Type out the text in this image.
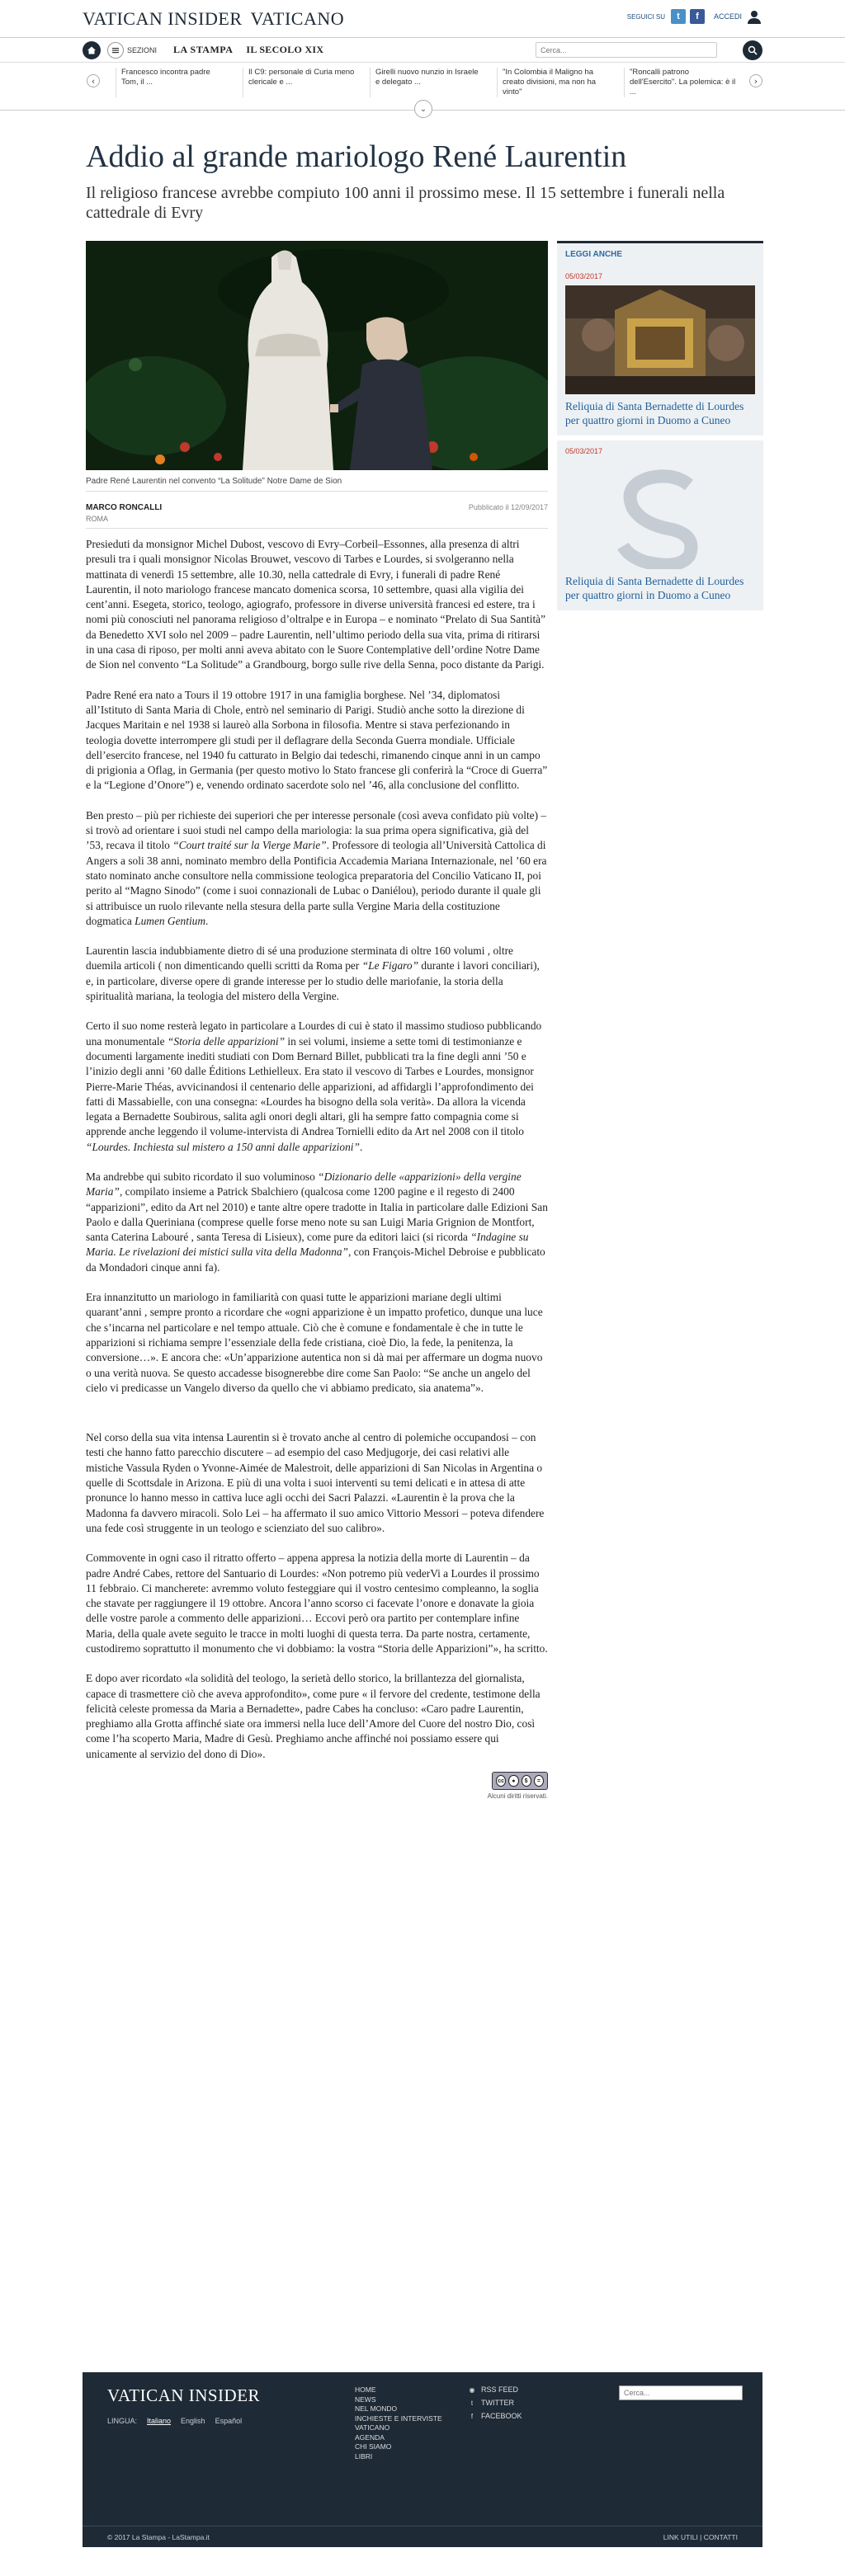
VATICAN INSIDER VATICANO	SEGUICI SU	t	f	ACCEDI
SEZIONI LA STAMPA IL SECOLO XIX
Cerca...
‹
Francesco incontra padre Tom, il ...
Il C9: personale di Curia meno clericale e ...
Girelli nuovo nunzio in Israele e delegato ...
"In Colombia il Maligno ha creato divisioni, ma non ha vinto"
"Roncalli patrono dell'Esercito". La polemica: è il ...
›
⌄
Addio al grande mariologo René Laurentin

Il religioso francese avrebbe compiuto 100 anni il prossimo mese. Il 15 settembre i funerali nella cattedrale di Evry

Padre René Laurentin nel convento “La Solitude” Notre Dame de Sion
MARCO RONCALLI
ROMA
Pubblicato il 12/09/2017

Presieduti da monsignor Michel Dubost, vescovo di Evry–Corbeil–Essonnes, alla presenza di altri presuli tra i quali monsignor Nicolas Brouwet, vescovo di Tarbes e Lourdes, si svolgeranno nella mattinata di venerdì 15 settembre, alle 10.30, nella cattedrale di Evry, i funerali di padre René Laurentin, il noto mariologo francese mancato domenica scorsa, 10 settembre, quasi alla vigilia dei cent’anni. Esegeta, storico, teologo, agiografo, professore in diverse università francesi ed estere, tra i nomi più conosciuti nel panorama religioso d’oltralpe e in Europa – e nominato “Prelato di Sua Santità” da Benedetto XVI solo nel 2009 – padre Laurentin, nell’ultimo periodo della sua vita, prima di ritirarsi in una casa di riposo, per molti anni aveva abitato con le Suore Contemplative dell’ordine Notre Dame de Sion nel convento “La Solitude” a Grandbourg, borgo sulle rive della Senna, poco distante da Parigi.

Padre René era nato a Tours il 19 ottobre 1917 in una famiglia borghese. Nel ’34, diplomatosi all’Istituto di Santa Maria di Chole, entrò nel seminario di Parigi. Studiò anche sotto la direzione di Jacques Maritain e nel 1938 si laureò alla Sorbona in filosofia. Mentre si stava perfezionando in teologia dovette interrompere gli studi per il deflagrare della Seconda Guerra mondiale. Ufficiale dell’esercito francese, nel 1940 fu catturato in Belgio dai tedeschi, rimanendo cinque anni in un campo di prigionia a Oflag, in Germania (per questo motivo lo Stato francese gli conferirà la “Croce di Guerra” e la “Legione d’Onore”) e, venendo ordinato sacerdote solo nel ’46, alla conclusione del conflitto.

Ben presto – più per richieste dei superiori che per interesse personale (così aveva confidato più volte) – si trovò ad orientare i suoi studi nel campo della mariologia: la sua prima opera significativa, già del ’53, recava il titolo “Court traité sur la Vierge Marie”. Professore di teologia all’Università Cattolica di Angers a soli 38 anni, nominato membro della Pontificia Accademia Mariana Internazionale, nel ’60 era stato nominato anche consultore nella commissione teologica preparatoria del Concilio Vaticano II, poi perito al “Magno Sinodo” (come i suoi connazionali de Lubac o Daniélou), periodo durante il quale gli si attribuisce un ruolo rilevante nella stesura della parte sulla Vergine Maria della costituzione dogmatica Lumen Gentium.

Laurentin lascia indubbiamente dietro di sé una produzione sterminata di oltre 160 volumi , oltre duemila articoli ( non dimenticando quelli scritti da Roma per “Le Figaro” durante i lavori conciliari), e, in particolare, diverse opere di grande interesse per lo studio delle mariofanie, la storia della spiritualità mariana, la teologia del mistero della Vergine.

Certo il suo nome resterà legato in particolare a Lourdes di cui è stato il massimo studioso pubblicando una monumentale “Storia delle apparizioni” in sei volumi, insieme a sette tomi di testimonianze e documenti largamente inediti studiati con Dom Bernard Billet, pubblicati tra la fine degli anni ’50 e l’inizio degli anni ’60 dalle Éditions Lethielleux. Era stato il vescovo di Tarbes e Lourdes, monsignor Pierre-Marie Théas, avvicinandosi il centenario delle apparizioni, ad affidargli l’approfondimento dei fatti di Massabielle, con una consegna: «Lourdes ha bisogno della sola verità». Da allora la vicenda legata a Bernadette Soubirous, salita agli onori degli altari, gli ha sempre fatto compagnia come si apprende anche leggendo il volume-intervista di Andrea Tornielli edito da Art nel 2008 con il titolo “Lourdes. Inchiesta sul mistero a 150 anni dalle apparizioni”.

Ma andrebbe qui subito ricordato il suo voluminoso “Dizionario delle «apparizioni» della vergine Maria”, compilato insieme a Patrick Sbalchiero (qualcosa come 1200 pagine e il regesto di 2400 “apparizioni”, edito da Art nel 2010) e tante altre opere tradotte in Italia in particolare dalle Edizioni San Paolo e dalla Queriniana (comprese quelle forse meno note su san Luigi Maria Grignion de Montfort, santa Caterina Labouré , santa Teresa di Lisieux), come pure da editori laici (si ricorda “Indagine su Maria. Le rivelazioni dei mistici sulla vita della Madonna”, con François-Michel Debroise e pubblicato da Mondadori cinque anni fa).

Era innanzitutto un mariologo in familiarità con quasi tutte le apparizioni mariane degli ultimi quarant’anni , sempre pronto a ricordare che «ogni apparizione è un impatto profetico, dunque una luce che s’incarna nel particolare e nel tempo attuale. Ciò che è comune e fondamentale è che in tutte le apparizioni si richiama sempre l’essenziale della fede cristiana, cioè Dio, la fede, la penitenza, la conversione…». E ancora che: «Un’apparizione autentica non si dà mai per affermare un dogma nuovo o una verità nuova. Se questo accadesse bisognerebbe dire come San Paolo: “Se anche un angelo del cielo vi predicasse un Vangelo diverso da quello che vi abbiamo predicato, sia anatema”».

Nel corso della sua vita intensa Laurentin si è trovato anche al centro di polemiche occupandosi – con testi che hanno fatto parecchio discutere – ad esempio del caso Medjugorje, dei casi relativi alle mistiche Vassula Ryden o Yvonne-Aimée de Malestroit, delle apparizioni di San Nicolas in Argentina o quelle di Scottsdale in Arizona. E più di una volta i suoi interventi su temi delicati e in attesa di atte pronunce lo hanno messo in cattiva luce agli occhi dei Sacri Palazzi. «Laurentin è la prova che la Madonna fa davvero miracoli. Solo Lei – ha affermato il suo amico Vittorio Messori – poteva difendere una fede così struggente in un teologo e scienziato del suo calibro».

Commovente in ogni caso il ritratto offerto – appena appresa la notizia della morte di Laurentin – da padre André Cabes, rettore del Santuario di Lourdes: «Non potremo più vederVi a Lourdes il prossimo 11 febbraio. Ci mancherete: avremmo voluto festeggiare qui il vostro centesimo compleanno, la soglia che stavate per raggiungere il 19 ottobre. Ancora l’anno scorso ci facevate l’onore e donavate la gioia delle vostre parole a commento delle apparizioni… Eccovi però ora partito per contemplare infine Maria, della quale avete seguito le tracce in molti luoghi di questa terra. Da parte nostra, certamente, custodiremo soprattutto il monumento che vi dobbiamo: la vostra “Storia delle Apparizioni”», ha scritto.

E dopo aver ricordato «la solidità del teologo, la serietà dello storico, la brillantezza del giornalista, capace di trasmettere ciò che aveva approfondito», come pure « il fervore del credente, testimone della felicità celeste promessa da Maria a Bernadette», padre Cabes ha concluso: «Caro padre Laurentin, preghiamo alla Grotta affinché siate ora immersi nella luce dell’Amore del Cuore del nostro Dio, così come l’ha scoperto Maria, Madre di Gesù. Preghiamo anche affinché noi possiamo essere qui unicamente al servizio del dono di Dio».

cc	●	$	=
Alcuni diritti riservati.
LEGGI ANCHE
05/03/2017
Reliquia di Santa Bernadette di Lourdes per quattro giorni in Duomo a Cuneo
05/03/2017
Reliquia di Santa Bernadette di Lourdes per quattro giorni in Duomo a Cuneo
VATICAN INSIDER
LINGUA: Italiano English Español
HOME
NEWS
NEL MONDO
INCHIESTE E INTERVISTE
VATICANO
AGENDA
CHI SIAMO
LIBRI
◉ RSS FEED
t	TWITTER
f	FACEBOOK
Cerca...
© 2017 La Stampa - LaStampa.it	LINK UTILI | CONTATTI
